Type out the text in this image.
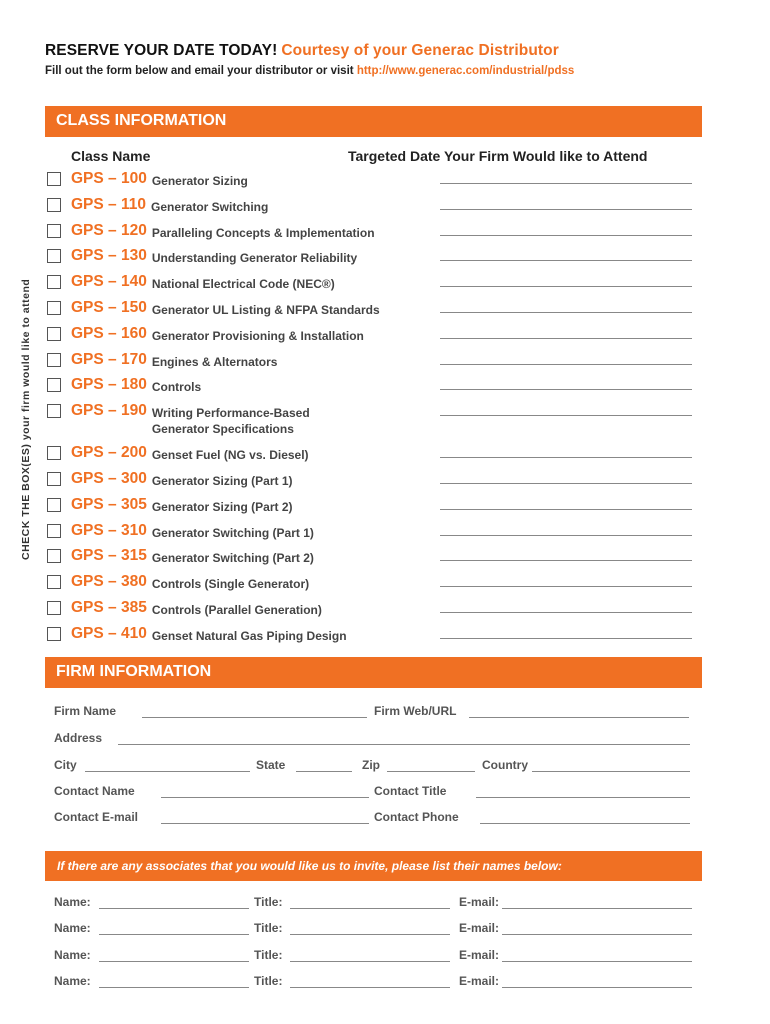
RESERVE YOUR DATE TODAY! Courtesy of your Generac Distributor

Fill out the form below and email your distributor or visit http://www.generac.com/industrial/pdss

CLASS INFORMATION
CHECK THE BOX(ES) your firm would like to attend
Class Name	Targeted Date Your Firm Would like to Attend
GPS – 100 Generator Sizing
GPS – 110 Generator Switching
GPS – 120 Paralleling Concepts & Implementation
GPS – 130 Understanding Generator Reliability
GPS – 140 National Electrical Code (NEC®)
GPS – 150 Generator UL Listing & NFPA Standards
GPS – 160 Generator Provisioning & Installation
GPS – 170 Engines & Alternators
GPS – 180 Controls
GPS – 190 Writing Performance-Based
Generator Specifications
GPS – 200 Genset Fuel (NG vs. Diesel)
GPS – 300 Generator Sizing (Part 1)
GPS – 305 Generator Sizing (Part 2)
GPS – 310 Generator Switching (Part 1)
GPS – 315 Generator Switching (Part 2)
GPS – 380 Controls (Single Generator)
GPS – 385 Controls (Parallel Generation)
GPS – 410 Genset Natural Gas Piping Design
FIRM INFORMATION
Firm Name	Firm Web/URL
Address
City	State	Zip	Country
Contact Name	Contact Title
Contact E-mail	Contact Phone
If there are any associates that you would like us to invite, please list their names below:
Name:	Title:	E-mail:
Name:	Title:	E-mail:
Name:	Title:	E-mail:
Name:	Title:	E-mail:
